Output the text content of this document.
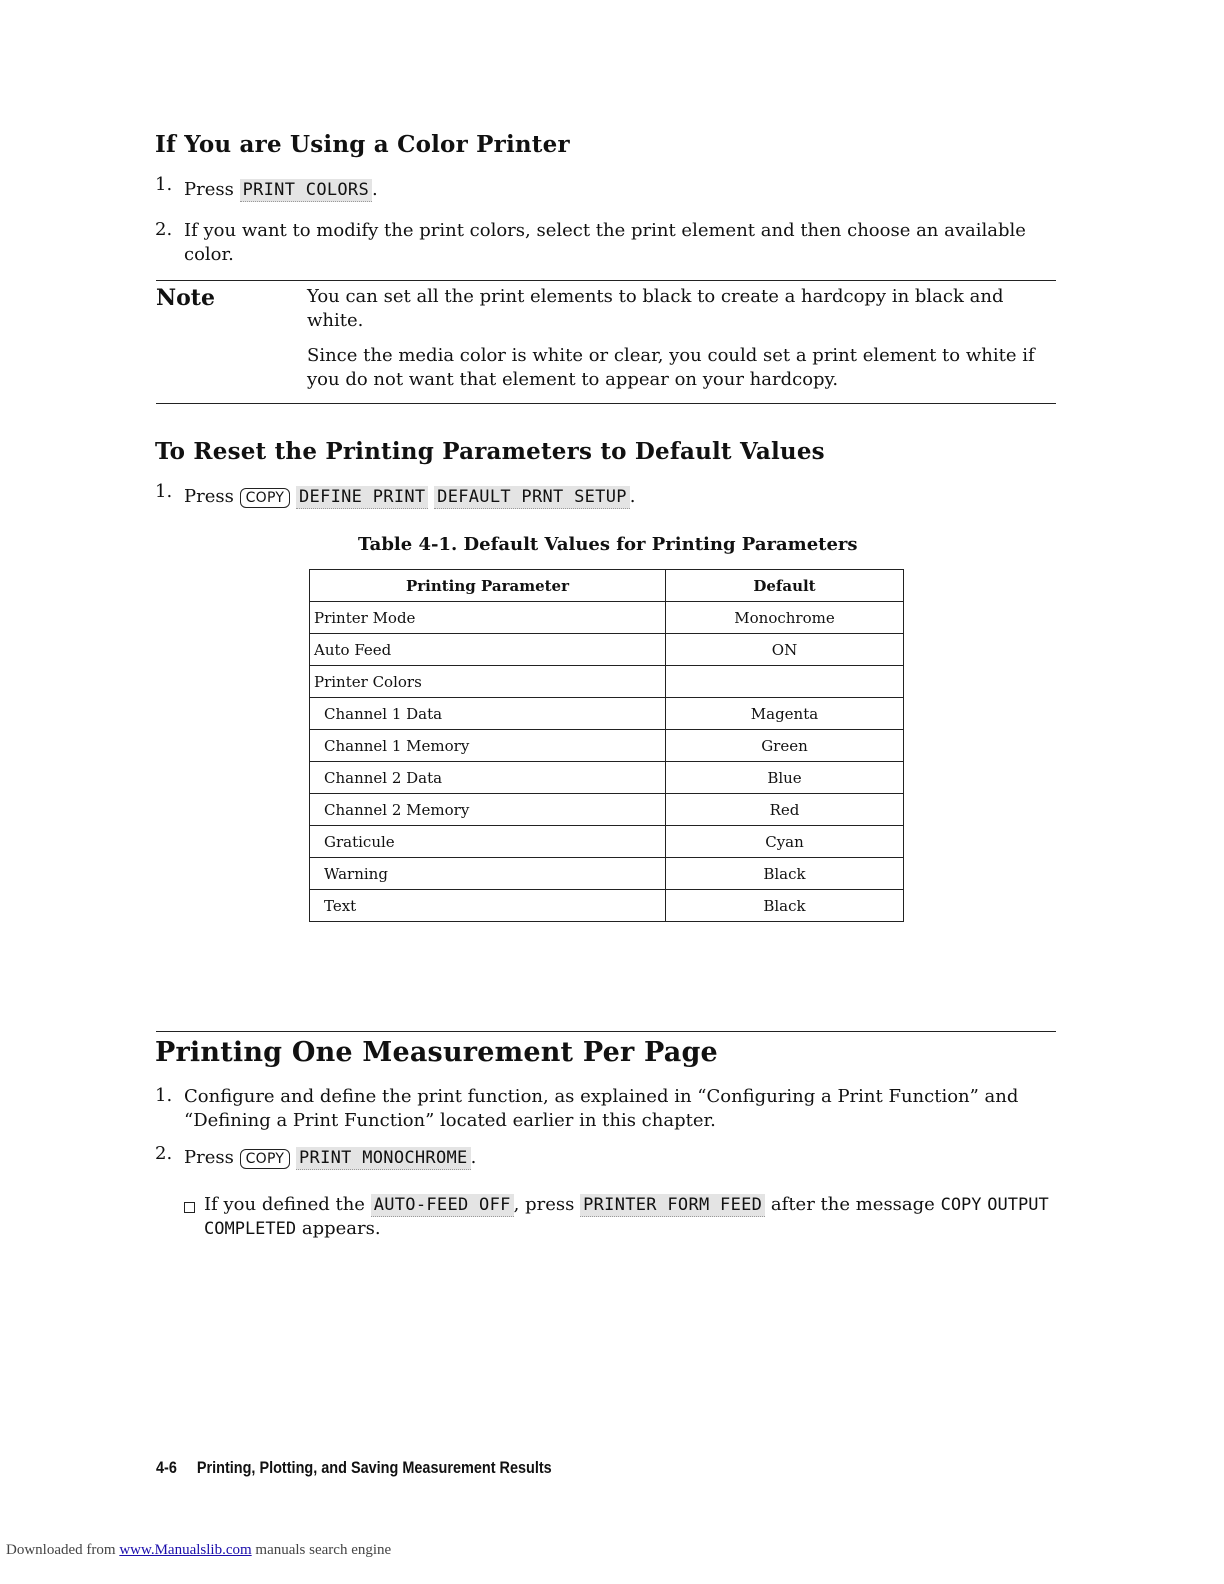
If You are Using a Color Printer
1. Press PRINT COLORS .
2. If you want to modify the print colors, select the print element and then choose an available color.
Note	You can set all the print elements to black to create a hardcopy in black and white.
Since the media color is white or clear, you could set a print element to white if you do not want that element to appear on your hardcopy.
To Reset the Printing Parameters to Default Values
1. Press COPY DEFINE PRINT DEFAULT PRNT SETUP .
Table 4-1. Default Values for Printing Parameters
Printing Parameter	Default
Printer Mode	Monochrome
Auto Feed	ON
Printer Colors	
Channel 1 Data	Magenta
Channel 1 Memory	Green
Channel 2 Data	Blue
Channel 2 Memory	Red
Graticule	Cyan
Warning	Black
Text	Black
Printing One Measurement Per Page
1. Configure and define the print function, as explained in “Configuring a Print Function” and “Defining a Print Function” located earlier in this chapter.
2. Press COPY PRINT MONOCHROME .
If you defined the AUTO-FEED OFF , press PRINTER FORM FEED after the message COPY OUTPUT COMPLETED appears.
4-6 Printing, Plotting, and Saving Measurement Results
Downloaded from www.Manualslib.com manuals search engine
